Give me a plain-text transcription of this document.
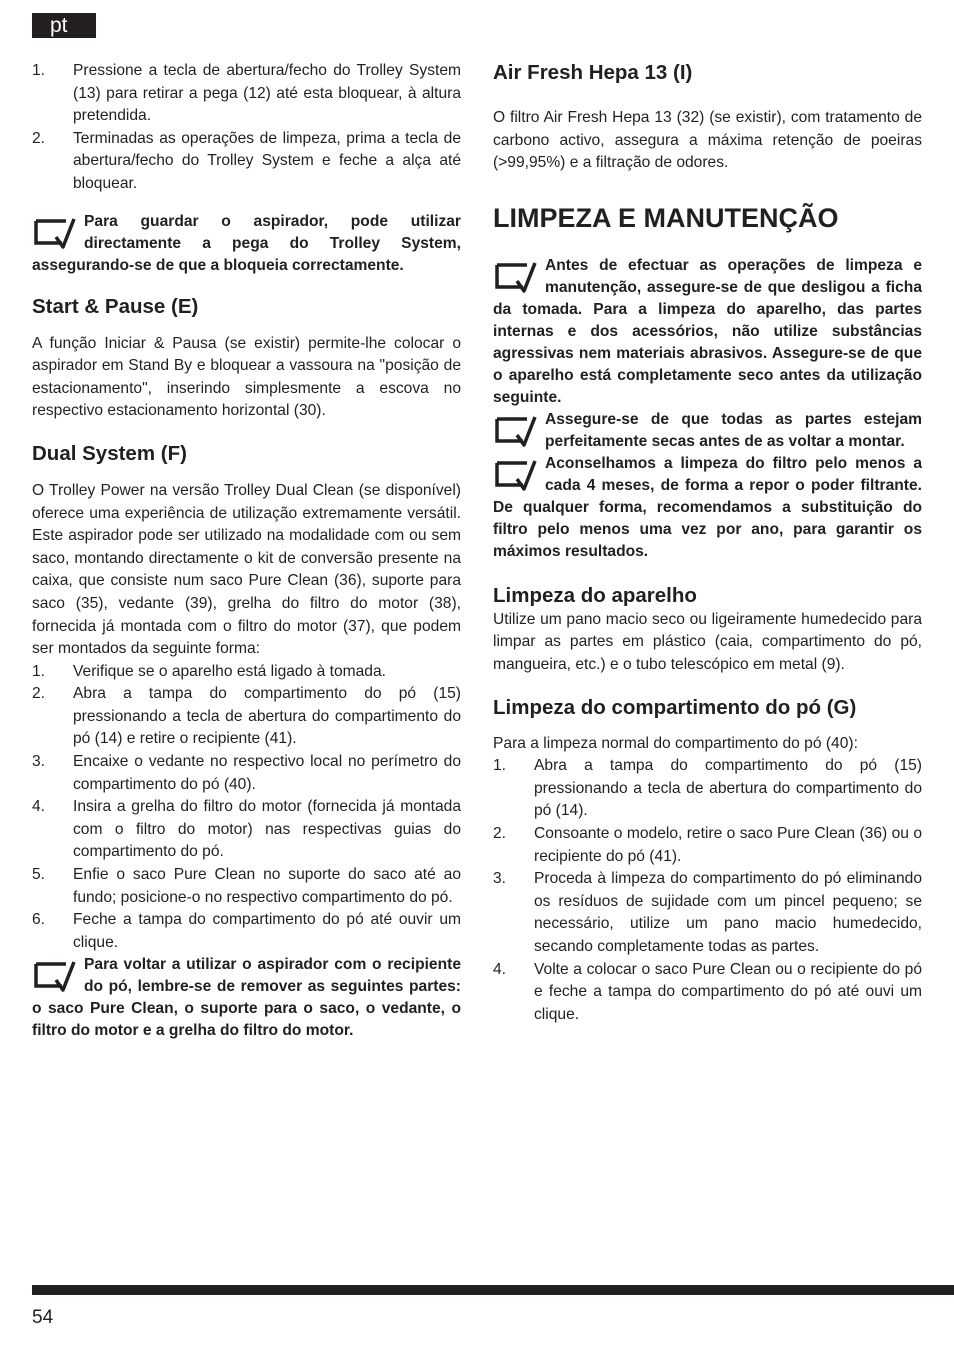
pt
1.	Pressione a tecla de abertura/fecho do Trolley System (13) para retirar a pega (12) até esta bloquear, à altura pretendida.
2.	Terminadas as operações de limpeza, prima a tecla de abertura/fecho do Trolley System e feche a alça até bloquear.
Para guardar o aspirador, pode utilizar directamente a pega do Trolley System, assegurando-se de que a bloqueia correctamente.
Start & Pause (E)

A função Iniciar & Pausa (se existir) permite-lhe colocar o aspirador em Stand By e bloquear a vassoura na "posição de estacionamento", inserindo simplesmente a escova no respectivo estacionamento horizontal (30).

Dual System (F)

O Trolley Power na versão Trolley Dual Clean (se disponível) oferece uma experiência de utilização extremamente versátil. Este aspirador pode ser utilizado na modalidade com ou sem saco, montando directamente o kit de conversão presente na caixa, que consiste num saco Pure Clean (36), suporte para saco (35), vedante (39), grelha do filtro do motor (38), fornecida já montada com o filtro do motor (37), que podem ser montados da seguinte forma:

1.	Verifique se o aparelho está ligado à tomada.
2.	Abra a tampa do compartimento do pó (15) pressionando a tecla de abertura do compartimento do pó (14) e retire o recipiente (41).
3.	Encaixe o vedante no respectivo local no perímetro do compartimento do pó (40).
4.	Insira a grelha do filtro do motor (fornecida já montada com o filtro do motor) nas respectivas guias do compartimento do pó.
5.	Enfie o saco Pure Clean no suporte do saco até ao fundo; posicione-o no respectivo compartimento do pó.
6.	Feche a tampa do compartimento do pó até ouvir um clique.
Para voltar a utilizar o aspirador com o recipiente do pó, lembre-se de remover as seguintes partes: o saco Pure Clean, o suporte para o saco, o vedante, o filtro do motor e a grelha do filtro do motor.
Air Fresh Hepa 13 (I)

O filtro Air Fresh Hepa 13 (32) (se existir), com tratamento de carbono activo, assegura a máxima retenção de poeiras (>99,95%) e a filtração de odores.

LIMPEZA E MANUTENÇÃO
Antes de efectuar as operações de limpeza e manutenção, assegure-se de que desligou a ficha da tomada. Para a limpeza do aparelho, das partes internas e dos acessórios, não utilize substâncias agressivas nem materiais abrasivos. Assegure-se de que o aparelho está completamente seco antes da utilização seguinte.
Assegure-se de que todas as partes estejam perfeitamente secas antes de as voltar a montar.
Aconselhamos a limpeza do filtro pelo menos a cada 4 meses, de forma a repor o poder filtrante. De qualquer forma, recomendamos a substituição do filtro pelo menos uma vez por ano, para garantir os máximos resultados.
Limpeza do aparelho

Utilize um pano macio seco ou ligeiramente humedecido para limpar as partes em plástico (caia, compartimento do pó, mangueira, etc.) e o tubo telescópico em metal (9).

Limpeza do compartimento do pó (G)

Para a limpeza normal do compartimento do pó (40):

1.	Abra a tampa do compartimento do pó (15) pressionando a tecla de abertura do compartimento do pó (14).
2.	Consoante o modelo, retire o saco Pure Clean (36) ou o recipiente do pó (41).
3.	Proceda à limpeza do compartimento do pó eliminando os resíduos de sujidade com um pincel pequeno; se necessário, utilize um pano macio humedecido, secando completamente todas as partes.
4.	Volte a colocar o saco Pure Clean ou o recipiente do pó e feche a tampa do compartimento do pó até ouvi um clique.
54
